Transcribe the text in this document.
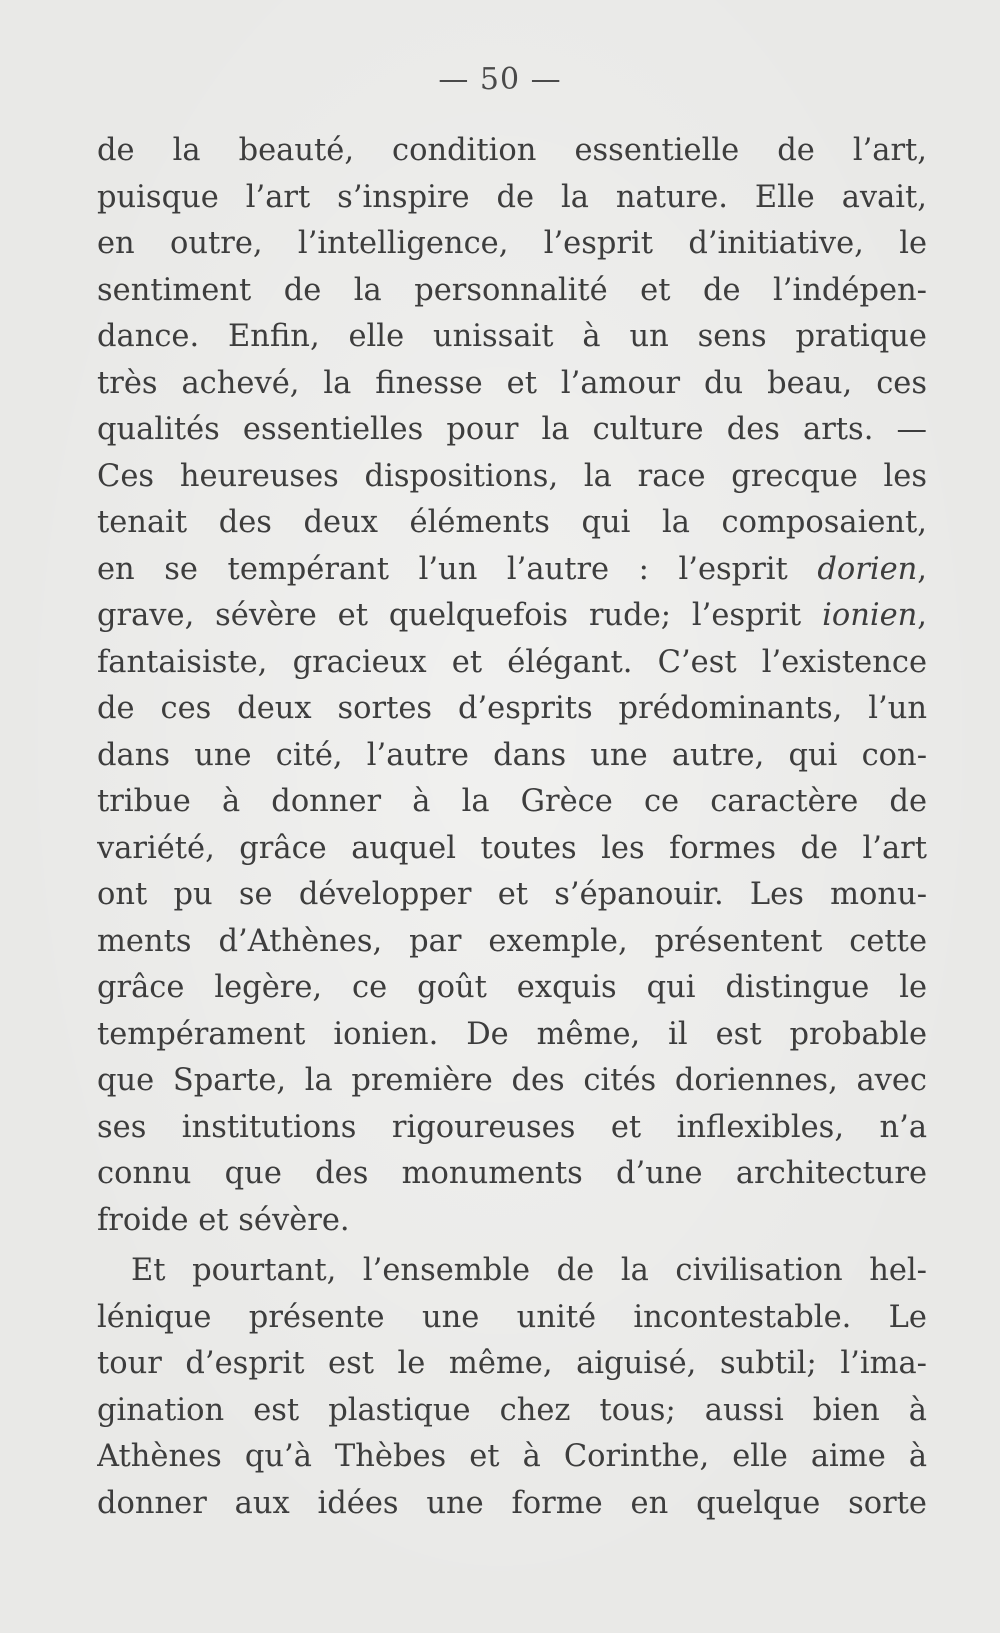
— 50 —
de la beauté, condition essentielle de l’art,
puisque l’art s’inspire de la nature. Elle avait,
en outre, l’intelligence, l’esprit d’initiative, le
sentiment de la personnalité et de l’indépen-
dance. Enfin, elle unissait à un sens pratique
très achevé, la finesse et l’amour du beau, ces
qualités essentielles pour la culture des arts. —
Ces heureuses dispositions, la race grecque les
tenait des deux éléments qui la composaient,
en se tempérant l’un l’autre : l’esprit dorien,
grave, sévère et quelquefois rude; l’esprit ionien,
fantaisiste, gracieux et élégant. C’est l’existence
de ces deux sortes d’esprits prédominants, l’un
dans une cité, l’autre dans une autre, qui con-
tribue à donner à la Grèce ce caractère de
variété, grâce auquel toutes les formes de l’art
ont pu se développer et s’épanouir. Les monu-
ments d’Athènes, par exemple, présentent cette
grâce legère, ce goût exquis qui distingue le
tempérament ionien. De même, il est probable
que Sparte, la première des cités doriennes, avec
ses institutions rigoureuses et inflexibles, n’a
connu que des monuments d’une architecture
froide et sévère.
Et pourtant, l’ensemble de la civilisation hel-
lénique présente une unité incontestable. Le
tour d’esprit est le même, aiguisé, subtil; l’ima-
gination est plastique chez tous; aussi bien à
Athènes qu’à Thèbes et à Corinthe, elle aime à
donner aux idées une forme en quelque sorte
